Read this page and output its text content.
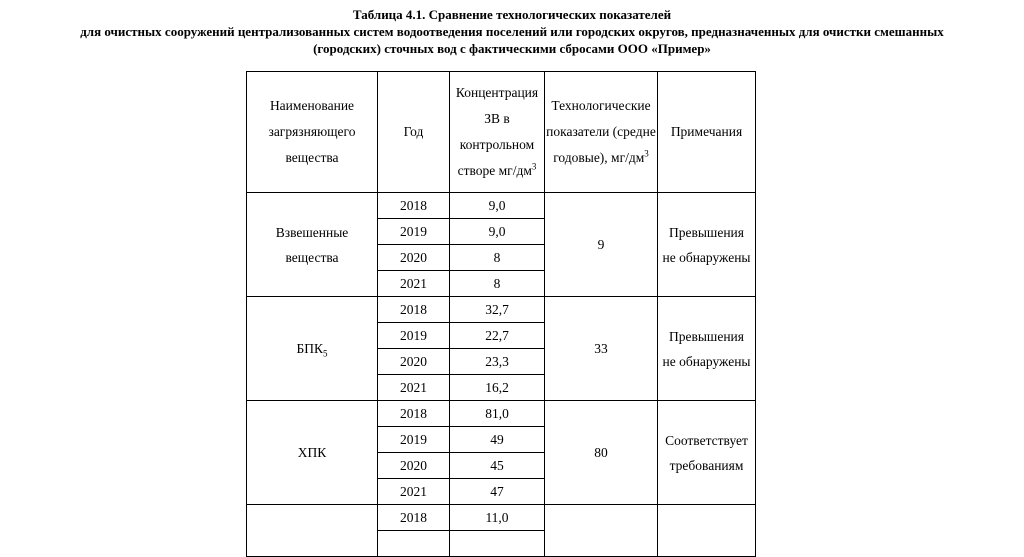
Таблица 4.1. Сравнение технологических показателей
для очистных сооружений централизованных систем водоотведения поселений или городских округов, предназначенных для очистки смешанных
(городских) сточных вод с фактическими сбросами ООО «Пример»
Наименование загрязняющего вещества	Год	Концентрация ЗВ в контрольном створе $мг/дм^3$	Технологические показатели (средне годовые), $мг/дм^3$	Примечания

Взвешенные вещества	2018	9,0	9	Превышения не обнаружены

	2019	9,0		
	2020	8		
	2021	8		
$БПК_5$	2018	32,7	33	Превышения не обнаружены

	2019	22,7		
	2020	23,3		
	2021	16,2		
ХПК	2018	81,0	80	Соответствует требованиям

	2019	49		
	2020	45		
	2021	47		
	2018	11,0		
